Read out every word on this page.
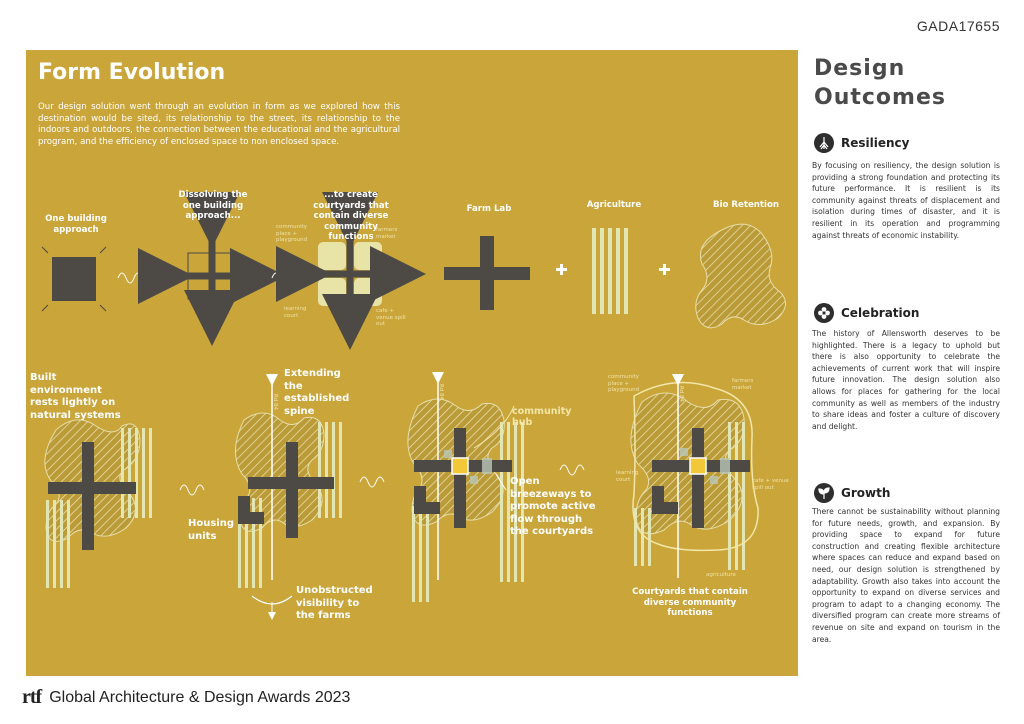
GADA17655
Form Evolution
Our design solution went through an evolution in form as we explored how this destination would be sited, its relationship to the street, its relationship to the indoors and outdoors, the connection between the educational and the agricultural program, and the efficiency of enclosed space to non enclosed space.
One building approach
Dissolving the one building approach...
...to create courtyards that contain diverse community functions
Farm Lab	Agriculture	Bio Retention
community place + playground
farmers market
learning court
cafe + venue spill out
Built environment rests lightly on natural systems
Extending the established spine
Housing units
Unobstructed visibility to the farms
community hub
Open breezeways to promote active flow through the courtyards
Courtyards that contain diverse community functions
community place + playground
farmers market
learning court	cafe + venue spill out
agriculture
Rd 84
Rd 84	Rd 84
Design
Outcomes
Resiliency
By focusing on resiliency, the design solution is providing a strong foundation and protecting its future performance. It is resilient is its community against threats of displacement and isolation during times of disaster, and it is resilient in its operation and programming against threats of economic instability.
Celebration
The history of Allensworth deserves to be highlighted. There is a legacy to uphold but there is also opportunity to celebrate the achievements of current work that will inspire future innovation. The design solution also allows for places for gathering for the local community as well as members of the industry to share ideas and foster a culture of discovery and delight.
Growth
There cannot be sustainability without planning for future needs, growth, and expansion. By providing space to expand for future construction and creating flexible architecture where spaces can reduce and expand based on need, our design solution is strengthened by adaptability. Growth also takes into account the opportunity to expand on diverse services and program to adapt to a changing economy. The diversified program can create more streams of revenue on site and expand on tourism in the area.
rtf Global Architecture & Design Awards 2023
